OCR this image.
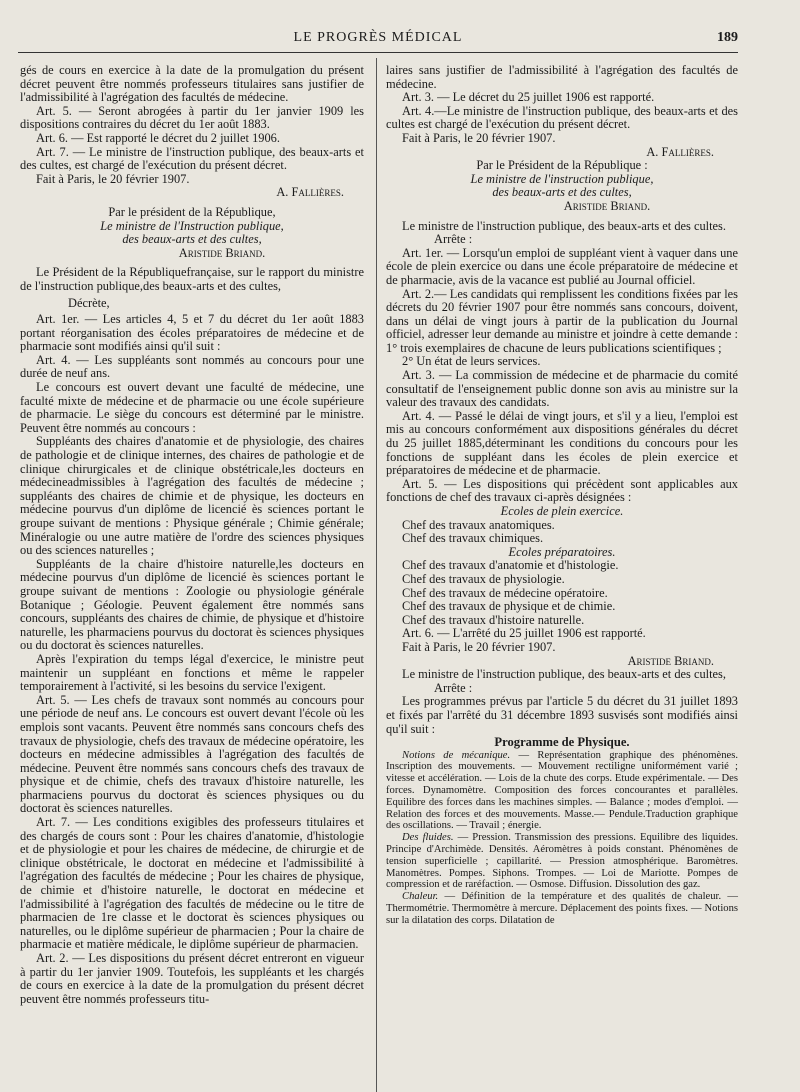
LE PROGRÈS MÉDICAL	189

gés de cours en exercice à la date de la promulgation du présent décret peuvent être nommés professeurs titulaires sans justifier de l'admissibilité à l'agrégation des facultés de médecine.

Art. 5. — Seront abrogées à partir du 1er janvier 1909 les dispositions contraires du décret du 1er août 1883.

Art. 6. — Est rapporté le décret du 2 juillet 1906.

Art. 7. — Le ministre de l'instruction publique, des beaux-arts et des cultes, est chargé de l'exécution du présent décret.

Fait à Paris, le 20 février 1907.

A. Fallières.

Par le président de la République,

Le ministre de l'Instruction publique,

des beaux-arts et des cultes,

Aristide Briand.

Le Président de la Républiquefrançaise, sur le rapport du ministre de l'instruction publique,des beaux-arts et des cultes,

Décrète,

Art. 1er. — Les articles 4, 5 et 7 du décret du 1er août 1883 portant réorganisation des écoles préparatoires de médecine et de pharmacie sont modifiés ainsi qu'il suit :

Art. 4. — Les suppléants sont nommés au concours pour une durée de neuf ans.

Le concours est ouvert devant une faculté de médecine, une faculté mixte de médecine et de pharmacie ou une école supérieure de pharmacie. Le siège du concours est déterminé par le ministre. Peuvent être nommés au concours :

Suppléants des chaires d'anatomie et de physiologie, des chaires de pathologie et de clinique internes, des chaires de pathologie et de clinique chirurgicales et de clinique obstétricale,les docteurs en médecineadmissibles à l'agrégation des facultés de médecine ; suppléants des chaires de chimie et de physique, les docteurs en médecine pourvus d'un diplôme de licencié ès sciences portant le groupe suivant de mentions : Physique générale ; Chimie générale; Minéralogie ou une autre matière de l'ordre des sciences physiques ou des sciences naturelles ;

Suppléants de la chaire d'histoire naturelle,les docteurs en médecine pourvus d'un diplôme de licencié ès sciences portant le groupe suivant de mentions : Zoologie ou physiologie générale Botanique ; Géologie. Peuvent également être nommés sans concours, suppléants des chaires de chimie, de physique et d'histoire naturelle, les pharmaciens pourvus du doctorat ès sciences physiques ou du doctorat ès sciences naturelles.

Après l'expiration du temps légal d'exercice, le ministre peut maintenir un suppléant en fonctions et même le rappeler temporairement à l'activité, si les besoins du service l'exigent.

Art. 5. — Les chefs de travaux sont nommés au concours pour une période de neuf ans. Le concours est ouvert devant l'école où les emplois sont vacants. Peuvent être nommés sans concours chefs des travaux de physiologie, chefs des travaux de médecine opératoire, les docteurs en médecine admissibles à l'agrégation des facultés de médecine. Peuvent être nommés sans concours chefs des travaux de physique et de chimie, chefs des travaux d'histoire naturelle, les pharmaciens pourvus du doctorat ès sciences physiques ou du doctorat ès sciences naturelles.

Art. 7. — Les conditions exigibles des professeurs titulaires et des chargés de cours sont : Pour les chaires d'anatomie, d'histologie et de physiologie et pour les chaires de médecine, de chirurgie et de clinique obstétricale, le doctorat en médecine et l'admissibilité à l'agrégation des facultés de médecine ; Pour les chaires de physique, de chimie et d'histoire naturelle, le doctorat en médecine et l'admissibilité à l'agrégation des facultés de médecine ou le titre de pharmacien de 1re classe et le doctorat ès sciences physiques ou naturelles, ou le diplôme supérieur de pharmacien ; Pour la chaire de pharmacie et matière médicale, le diplôme supérieur de pharmacien.

Art. 2. — Les dispositions du présent décret entreront en vigueur à partir du 1er janvier 1909. Toutefois, les suppléants et les chargés de cours en exercice à la date de la promulgation du présent décret peuvent être nommés professeurs titu-

laires sans justifier de l'admissibilité à l'agrégation des facultés de médecine.

Art. 3. — Le décret du 25 juillet 1906 est rapporté.

Art. 4.—Le ministre de l'instruction publique, des beaux-arts et des cultes est chargé de l'exécution du présent décret.

Fait à Paris, le 20 février 1907.

A. Fallières.

Par le Président de la République :

Le ministre de l'instruction publique,

des beaux-arts et des cultes,

Aristide Briand.

Le ministre de l'instruction publique, des beaux-arts et des cultes.

Arrête :

Art. 1er. — Lorsqu'un emploi de suppléant vient à vaquer dans une école de plein exercice ou dans une école préparatoire de médecine et de pharmacie, avis de la vacance est publié au Journal officiel.

Art. 2.— Les candidats qui remplissent les conditions fixées par les décrets du 20 février 1907 pour être nommés sans concours, doivent, dans un délai de vingt jours à partir de la publication du Journal officiel, adresser leur demande au ministre et joindre à cette demande : 1° trois exemplaires de chacune de leurs publications scientifiques ;

2° Un état de leurs services.

Art. 3. — La commission de médecine et de pharmacie du comité consultatif de l'enseignement public donne son avis au ministre sur la valeur des travaux des candidats.

Art. 4. — Passé le délai de vingt jours, et s'il y a lieu, l'emploi est mis au concours conformément aux dispositions générales du décret du 25 juillet 1885,déterminant les conditions du concours pour les fonctions de suppléant dans les écoles de plein exercice et préparatoires de médecine et de pharmacie.

Art. 5. — Les dispositions qui précèdent sont applicables aux fonctions de chef des travaux ci-après désignées :

Ecoles de plein exercice.

Chef des travaux anatomiques.

Chef des travaux chimiques.

Ecoles préparatoires.

Chef des travaux d'anatomie et d'histologie.

Chef des travaux de physiologie.

Chef des travaux de médecine opératoire.

Chef des travaux de physique et de chimie.

Chef des travaux d'histoire naturelle.

Art. 6. — L'arrêté du 25 juillet 1906 est rapporté.

Fait à Paris, le 20 février 1907.

Aristide Briand.

Le ministre de l'instruction publique, des beaux-arts et des cultes,

Arrête :

Les programmes prévus par l'article 5 du décret du 31 juillet 1893 et fixés par l'arrêté du 31 décembre 1893 susvisés sont modifiés ainsi qu'il suit :

Programme de Physique.

Notions de mécanique. — Représentation graphique des phénomènes. Inscription des mouvements. — Mouvement rectiligne uniformément varié ; vitesse et accélération. — Lois de la chute des corps. Etude expérimentale. — Des forces. Dynamomètre. Composition des forces concourantes et parallèles. Equilibre des forces dans les machines simples. — Balance ; modes d'emploi. — Relation des forces et des mouvements. Masse.— Pendule.Traduction graphique des oscillations. — Travail ; énergie.

Des fluides. — Pression. Transmission des pressions. Equilibre des liquides. Principe d'Archimède. Densités. Aéromètres à poids constant. Phénomènes de tension superficielle ; capillarité. — Pression atmosphérique. Baromètres. Manomètres. Pompes. Siphons. Trompes. — Loi de Mariotte. Pompes de compression et de raréfaction. — Osmose. Diffusion. Dissolution des gaz.

Chaleur. — Définition de la température et des qualités de chaleur. — Thermométrie. Thermomètre à mercure. Déplacement des points fixes. — Notions sur la dilatation des corps. Dilatation de
